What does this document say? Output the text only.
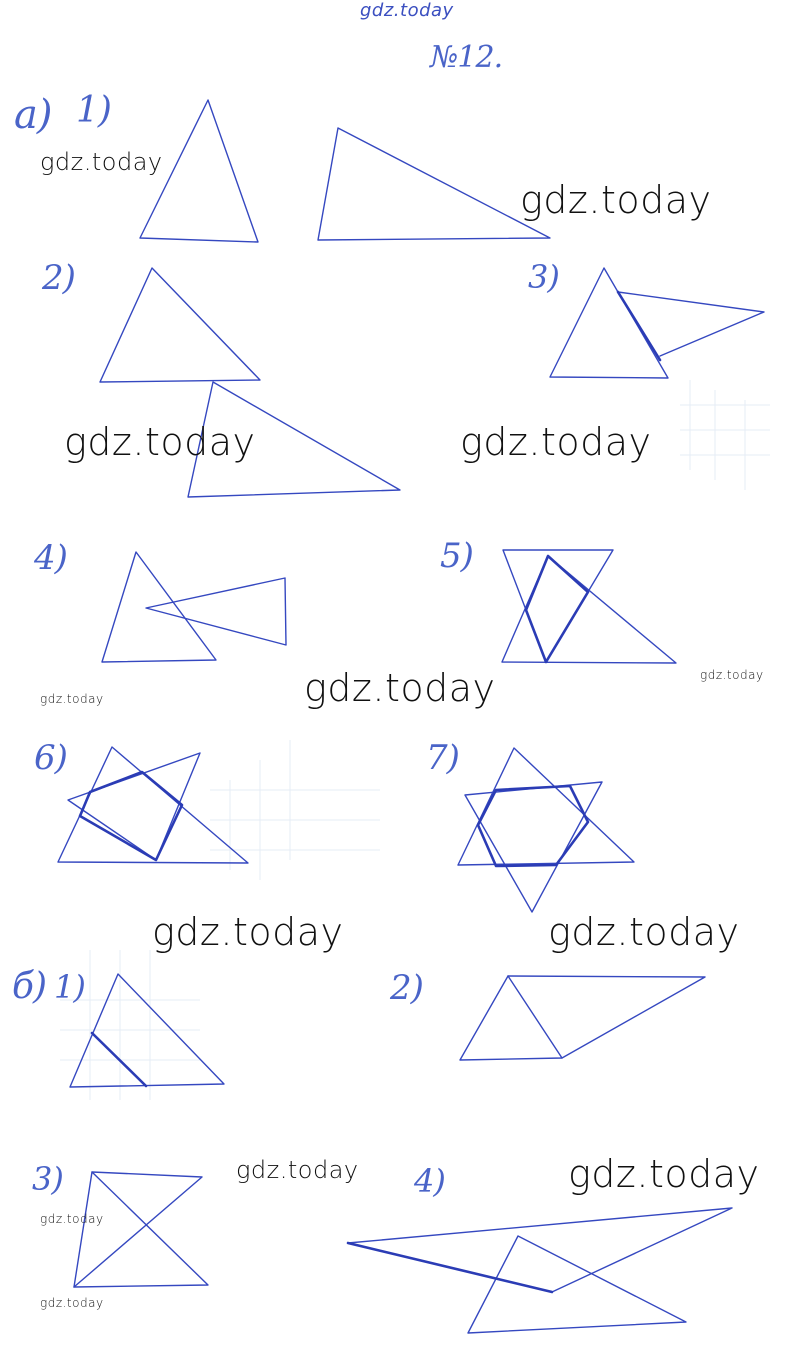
№12.
а) 1)
2)	3)
4)	5)
6)	7)
б) 1)	2)
3)	4)
gdz.today
gdz.today
gdz.today
gdz.today	gdz.today
gdz.today	gdz.today	gdz.today
gdz.today	gdz.today
gdz.today	gdz.today
gdz.today
gdz.today
